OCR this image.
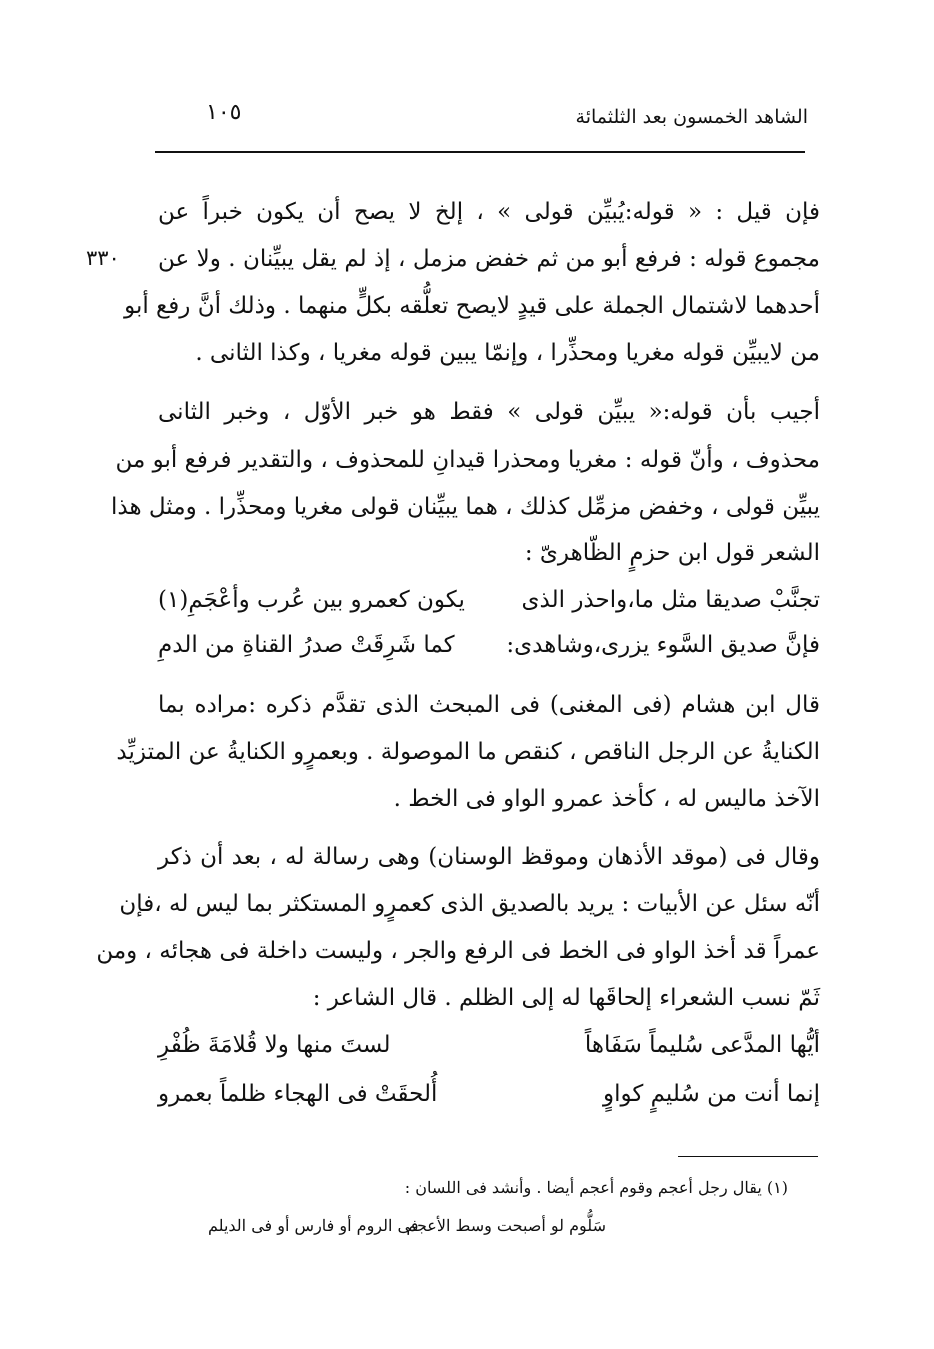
الشاهد الخمسون بعد الثلثمائة
١٠٥
٣٣٠
فإن قيل : « قوله:يُبيِّن قولى » ، إلخ لا يصح أن يكون خبراً عن
مجموع قوله : فرفع أبو من ثم خفض مزمل ، إذ لم يقل يبيِّنان . ولا عن
أحدهما لاشتمال الجملة على قيدٍ لايصح تعلُّقه بكلٍّ منهما . وذلك أنَّ رفع أبو
من لايبيِّن قوله مغريا ومحذِّرا ، وإنمّا يبين قوله مغريا ، وكذا الثانى .
أجيب بأن قوله:« يبيِّن قولى » فقط هو خبر الأوّل ، وخبر الثانى
محذوف ، وأنّ قوله : مغريا ومحذرا قيدانِ للمحذوف ، والتقدير فرفع أبو من
يبيِّن قولى ، وخفض مزمِّل كذلك ، هما يبيِّنان قولى مغريا ومحذِّرا . ومثل هذا
الشعر قول ابن حزمٍ الظّاهرىّ :
تجنَّبْ صديقا مثل ما،واحذر الذى
يكون كعمرو بين عُرب وأعْجَمِ(١)
فإنَّ صديق السَّوء يزرى،وشاهدى:
كما شَرِقَتْ صدرُ القناةِ من الدمِ
قال ابن هشام (فى المغنى) فى المبحث الذى تقدَّم ذكره :مراده بما
الكنايةُ عن الرجل الناقص ، كنقص ما الموصولة . وبعمرٍو الكنايةُ عن المتزيِّد
الآخذ ماليس له ، كأخذ عمرو الواو فى الخط .
وقال فى (موقد الأذهان وموقظ الوسنان) وهى رسالة له ، بعد أن ذكر
أنّه سئل عن الأبيات : يريد بالصديق الذى كعمرٍو المستكثر بما ليس له ،فإن
عمراً قد أخذ الواو فى الخط فى الرفع والجر ، وليست داخلة فى هجائه ، ومن
ثَمّ نسب الشعراء إلحاقَها له إلى الظلم . قال الشاعر :
أيُّها المدَّعى سُليماً سَفَاهاً
لستَ منها ولا قُلامَةَ ظُفْرِ
إنما أنت من سُليمٍ كواوٍ
أُلحقَتْ فى الهجاء ظلماً بعمرو
(١) يقال رجل أعجم وقوم أعجم أيضا . وأنشد فى اللسان :
سَلُّوم لو أصبحت وسط الأعجم
فى الروم أو فارس أو فى الديلم
